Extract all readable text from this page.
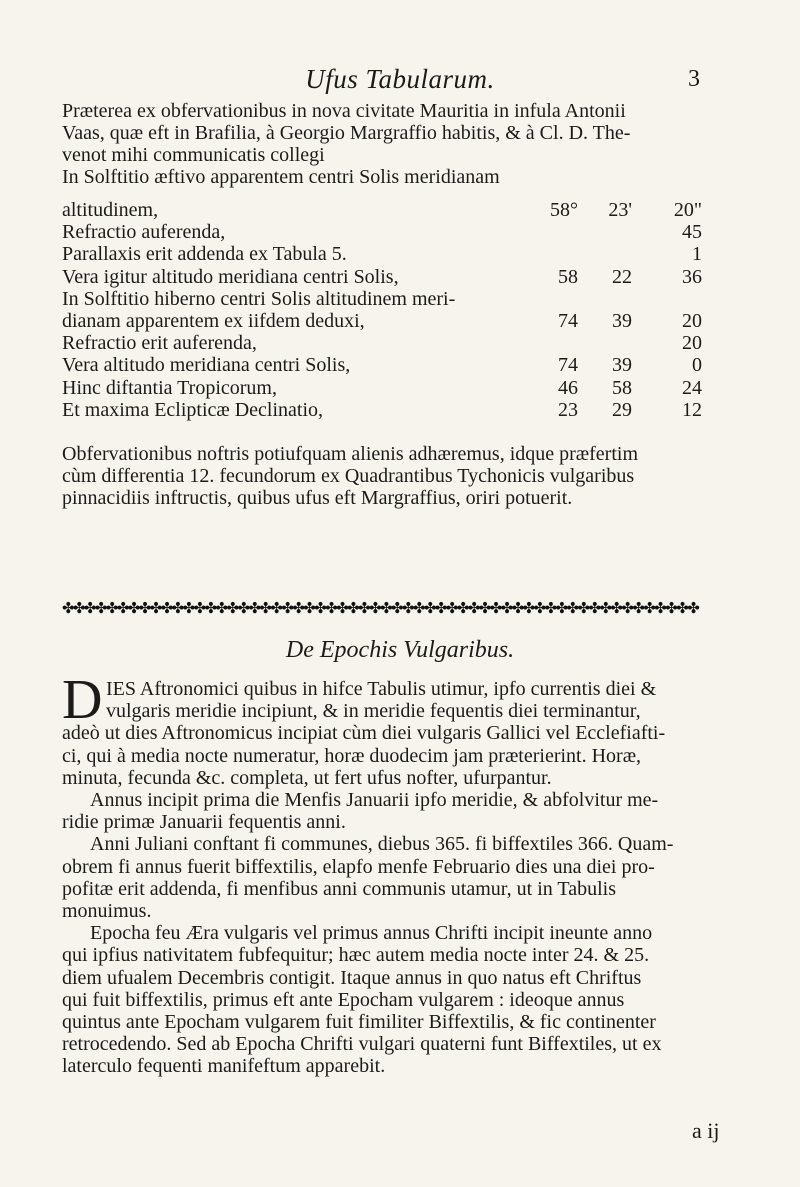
Ufus Tabularum.	3
Præterea ex obfervationibus in nova civitate Mauritia in infula Antonii
Vaas, quæ eft in Brafilia, à Georgio Margraffio habitis, & à Cl. D. The-
venot mihi communicatis collegi
In Solftitio æftivo apparentem centri Solis meridianam
altitudinem,	58°	23'	20"
Refractio auferenda,	45
Parallaxis erit addenda ex Tabula 5.	1
Vera igitur altitudo meridiana centri Solis,	58	22	36
In Solftitio hiberno centri Solis altitudinem meri-
dianam apparentem ex iifdem deduxi,	74	39	20
Refractio erit auferenda,	20
Vera altitudo meridiana centri Solis,	74	39	0
Hinc diftantia Tropicorum,	46	58	24
Et maxima Eclipticæ Declinatio,	23	29	12
Obfervationibus noftris potiufquam alienis adhæremus, idque præfertim
cùm differentia 12. fecundorum ex Quadrantibus Tychonicis vulgaribus
pinnacidiis inftructis, quibus ufus eft Margraffius, oriri potuerit.
✤✤✤✤✤✤✤✤✤✤✤✤✤✤✤✤✤✤✤✤✤✤✤✤✤✤✤✤✤✤✤✤✤✤✤✤✤✤✤✤✤✤✤✤✤✤✤✤✤✤✤✤✤✤✤✤✤✤
De Epochis Vulgaribus.
D IES Aftronomici quibus in hifce Tabulis utimur, ipfo currentis diei &
vulgaris meridie incipiunt, & in meridie fequentis diei terminantur,
adeò ut dies Aftronomicus incipiat cùm diei vulgaris Gallici vel Ecclefiafti-
ci, qui à media nocte numeratur, horæ duodecim jam præterierint. Horæ,
minuta, fecunda &c. completa, ut fert ufus nofter, ufurpantur.
Annus incipit prima die Menfis Januarii ipfo meridie, & abfolvitur me-
ridie primæ Januarii fequentis anni.
Anni Juliani conftant fi communes, diebus 365. fi biffextiles 366. Quam-
obrem fi annus fuerit biffextilis, elapfo menfe Februario dies una diei pro-
pofitæ erit addenda, fi menfibus anni communis utamur, ut in Tabulis
monuimus.
Epocha feu Æra vulgaris vel primus annus Chrifti incipit ineunte anno
qui ipfius nativitatem fubfequitur; hæc autem media nocte inter 24. & 25.
diem ufualem Decembris contigit. Itaque annus in quo natus eft Chriftus
qui fuit biffextilis, primus eft ante Epocham vulgarem : ideoque annus
quintus ante Epocham vulgarem fuit fimiliter Biffextilis, & fic continenter
retrocedendo. Sed ab Epocha Chrifti vulgari quaterni funt Biffextiles, ut ex
laterculo fequenti manifeftum apparebit.
a ij
